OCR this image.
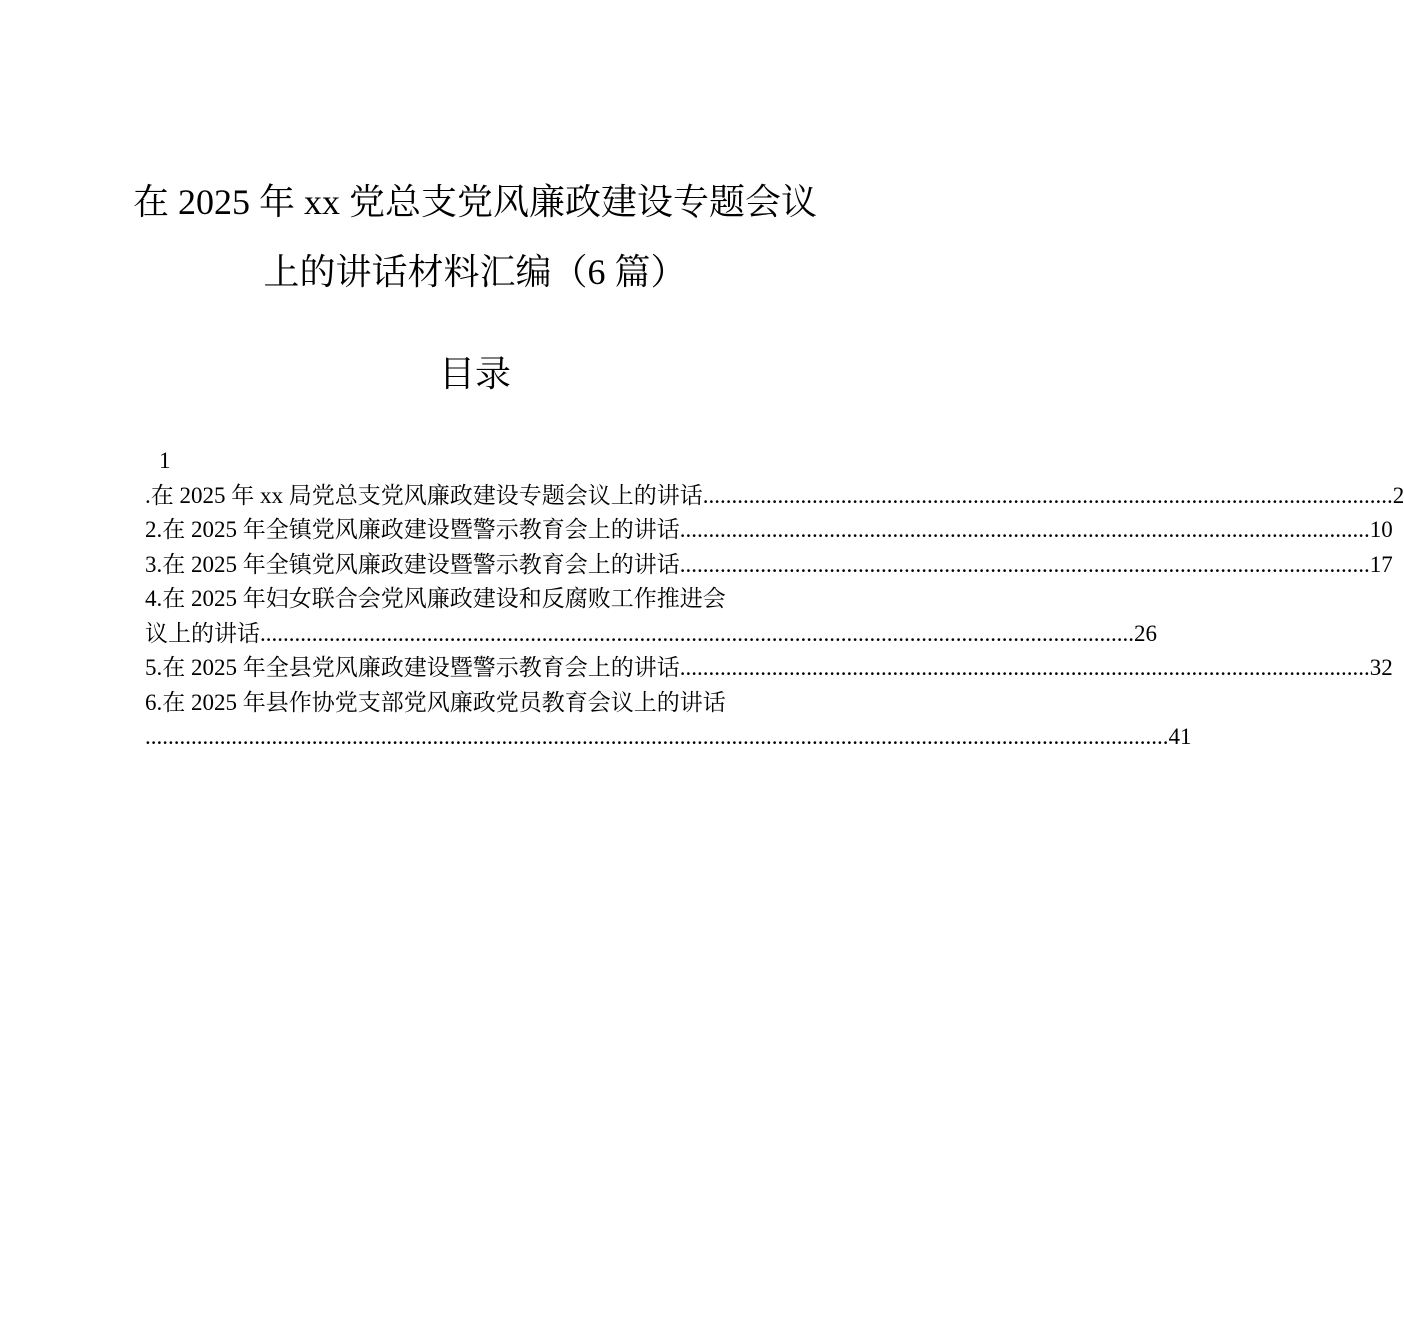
在 2025 年 xx 党总支党风廉政建设专题会议
上的讲话材料汇编（6 篇）
目录
1
.在 2025 年 xx 局党总支党风廉政建设专题会议上的讲话 ........................................................................................................................ 2
2.在 2025 年全镇党风廉政建设暨警示教育会上的讲话 ........................................................................................................................ 10
3.在 2025 年全镇党风廉政建设暨警示教育会上的讲话 ........................................................................................................................ 17
4.在 2025 年妇女联合会党风廉政建设和反腐败工作推进会
议上的讲话 ........................................................................................................................................................ 26
5.在 2025 年全县党风廉政建设暨警示教育会上的讲话 ........................................................................................................................ 32
6.在 2025 年县作协党支部党风廉政党员教育会议上的讲话
.................................................................................................................................................................................. 41
